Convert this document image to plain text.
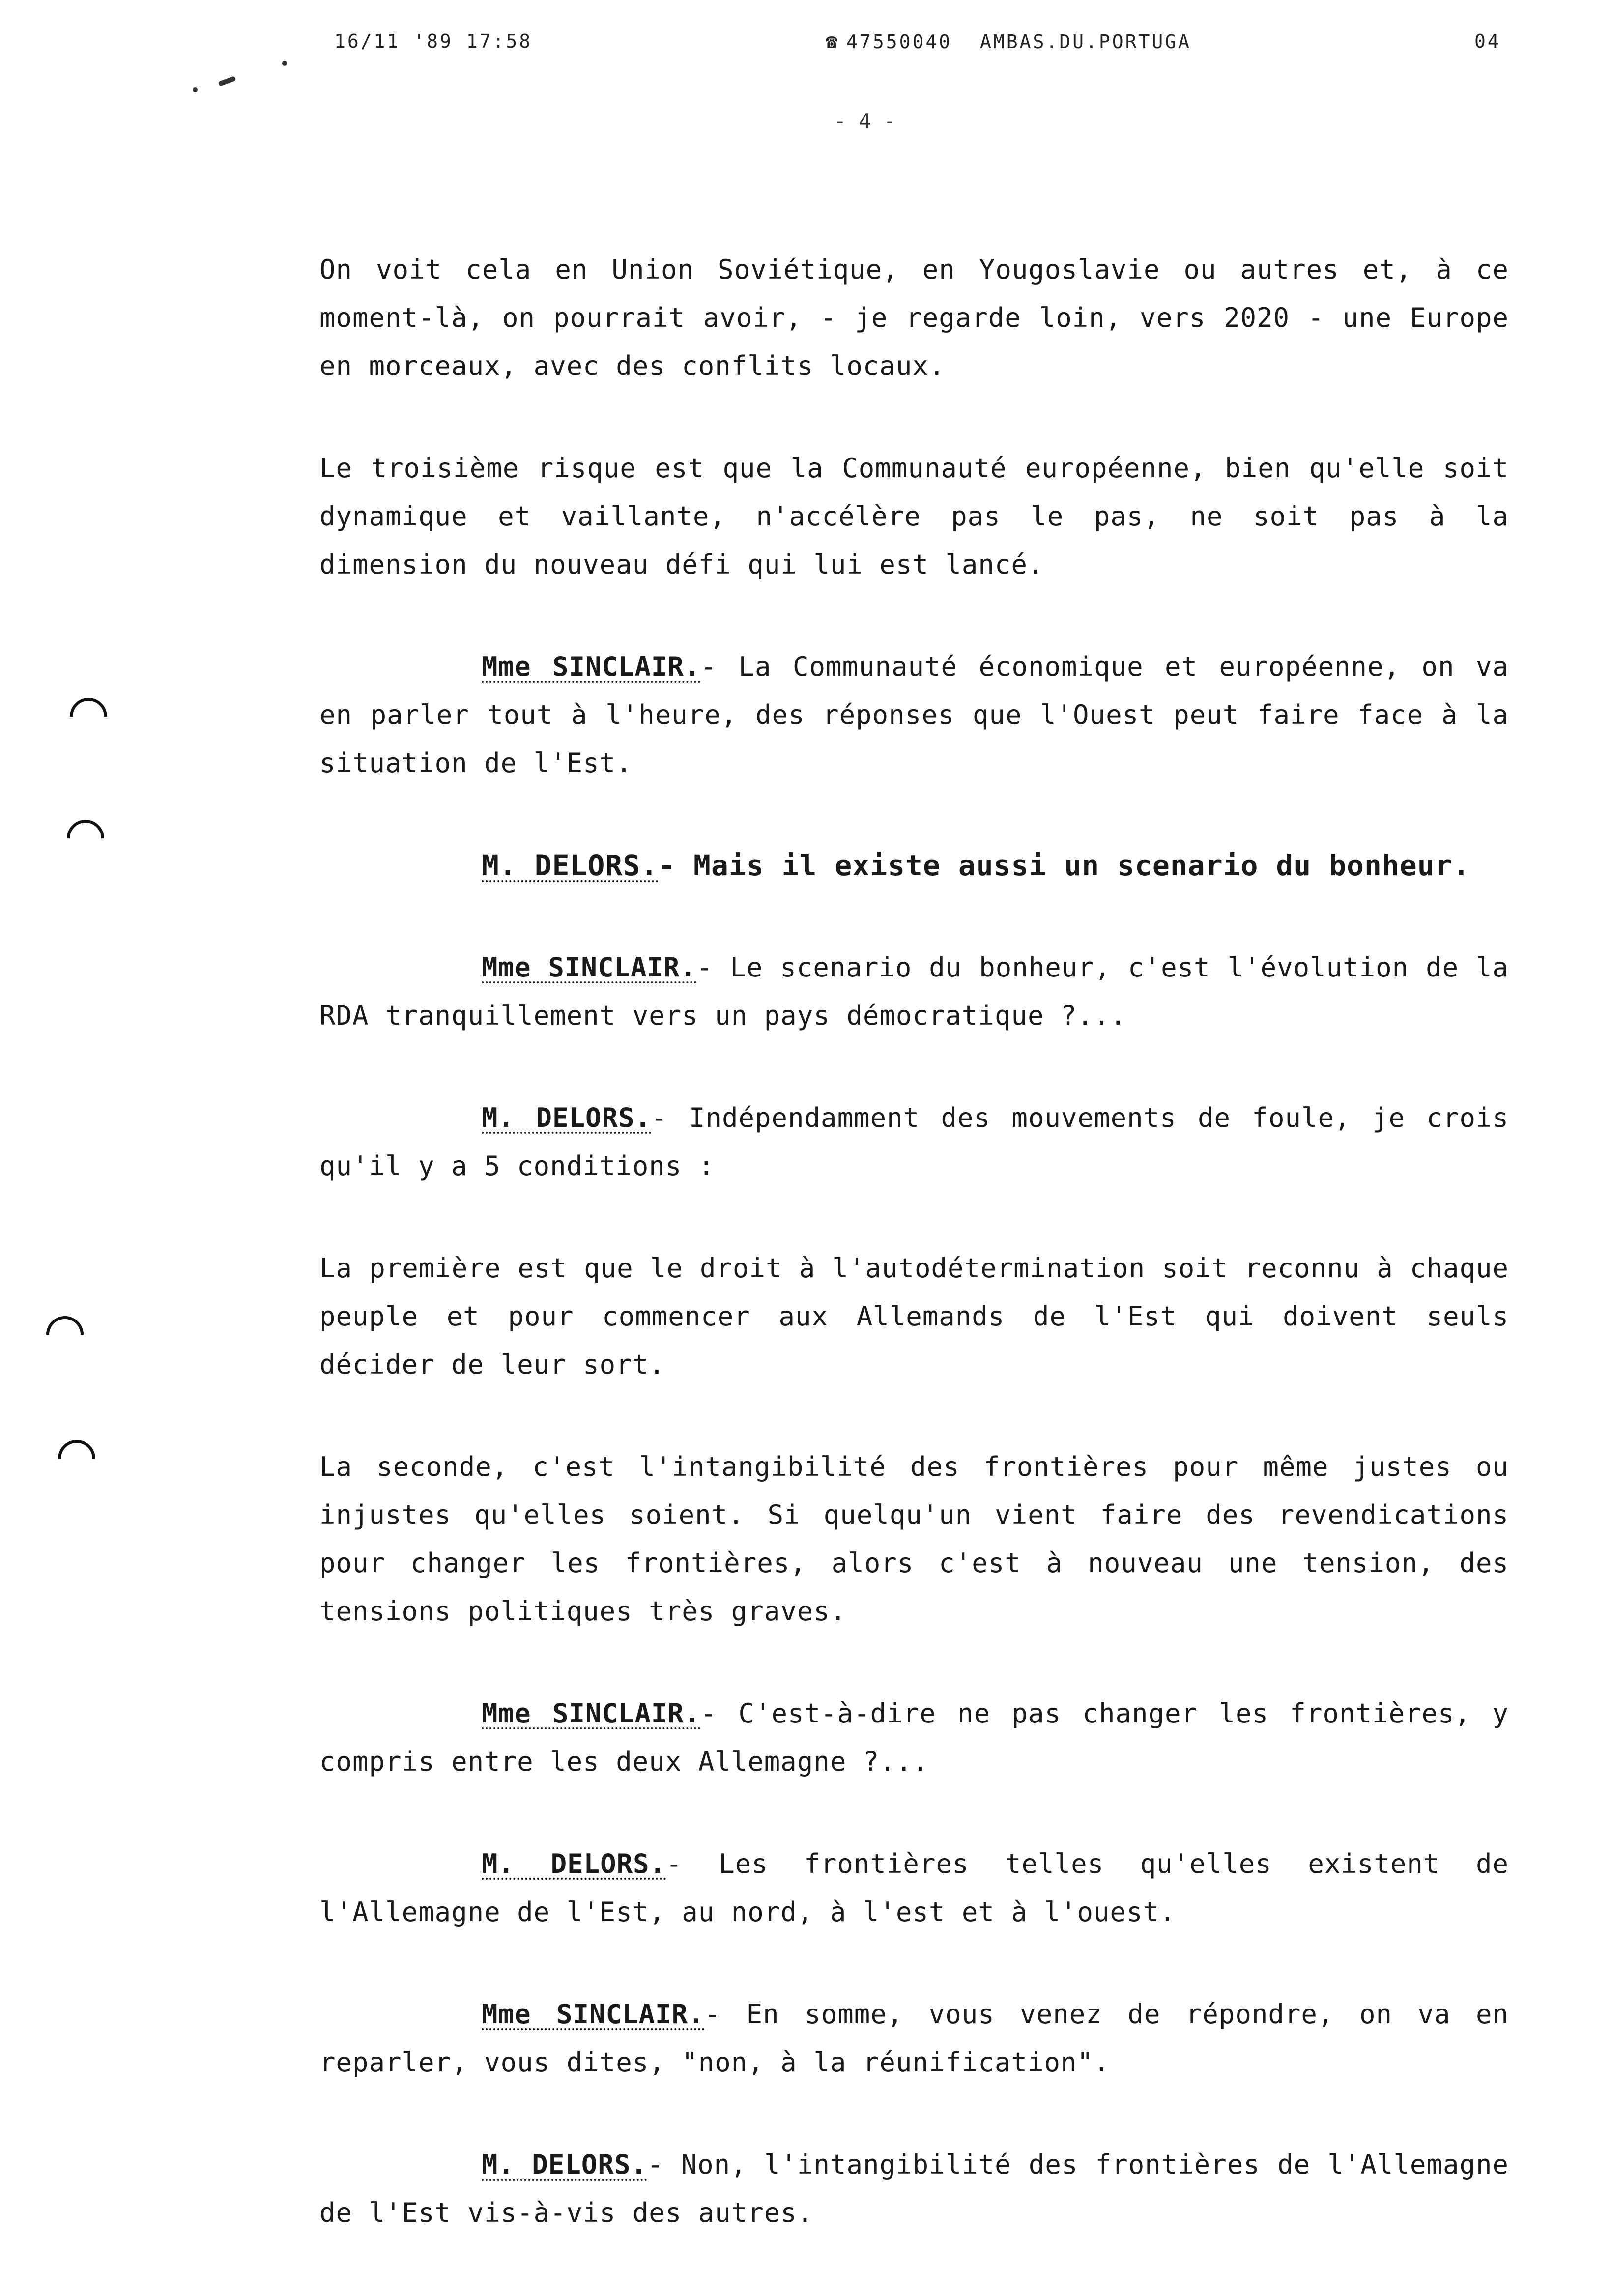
16/11 '89 17:58	☎ 47550040 AMBAS.DU.PORTUGA	04
- 4 -

On voit cela en Union Soviétique, en Yougoslavie ou autres et, à ce moment-là, on pourrait avoir, - je regarde loin, vers 2020 - une Europe en morceaux, avec des conflits locaux.

Le troisième risque est que la Communauté européenne, bien qu'elle soit dynamique et vaillante, n'accélère pas le pas, ne soit pas à la dimension du nouveau défi qui lui est lancé.

Mme SINCLAIR.- La Communauté économique et européenne, on va en parler tout à l'heure, des réponses que l'Ouest peut faire face à la situation de l'Est.

M. DELORS.- Mais il existe aussi un scenario du bonheur.

Mme SINCLAIR.- Le scenario du bonheur, c'est l'évolution de la RDA tranquillement vers un pays démocratique ?...

M. DELORS.- Indépendamment des mouvements de foule, je crois qu'il y a 5 conditions :

La première est que le droit à l'autodétermination soit reconnu à chaque peuple et pour commencer aux Allemands de l'Est qui doivent seuls décider de leur sort.

La seconde, c'est l'intangibilité des frontières pour même justes ou injustes qu'elles soient. Si quelqu'un vient faire des revendications pour changer les frontières, alors c'est à nouveau une tension, des tensions politiques très graves.

Mme SINCLAIR.- C'est-à-dire ne pas changer les frontières, y compris entre les deux Allemagne ?...

M. DELORS.- Les frontières telles qu'elles existent de l'Allemagne de l'Est, au nord, à l'est et à l'ouest.

Mme SINCLAIR.- En somme, vous venez de répondre, on va en reparler, vous dites, "non, à la réunification".

M. DELORS.- Non, l'intangibilité des frontières de l'Allemagne de l'Est vis-à-vis des autres.
